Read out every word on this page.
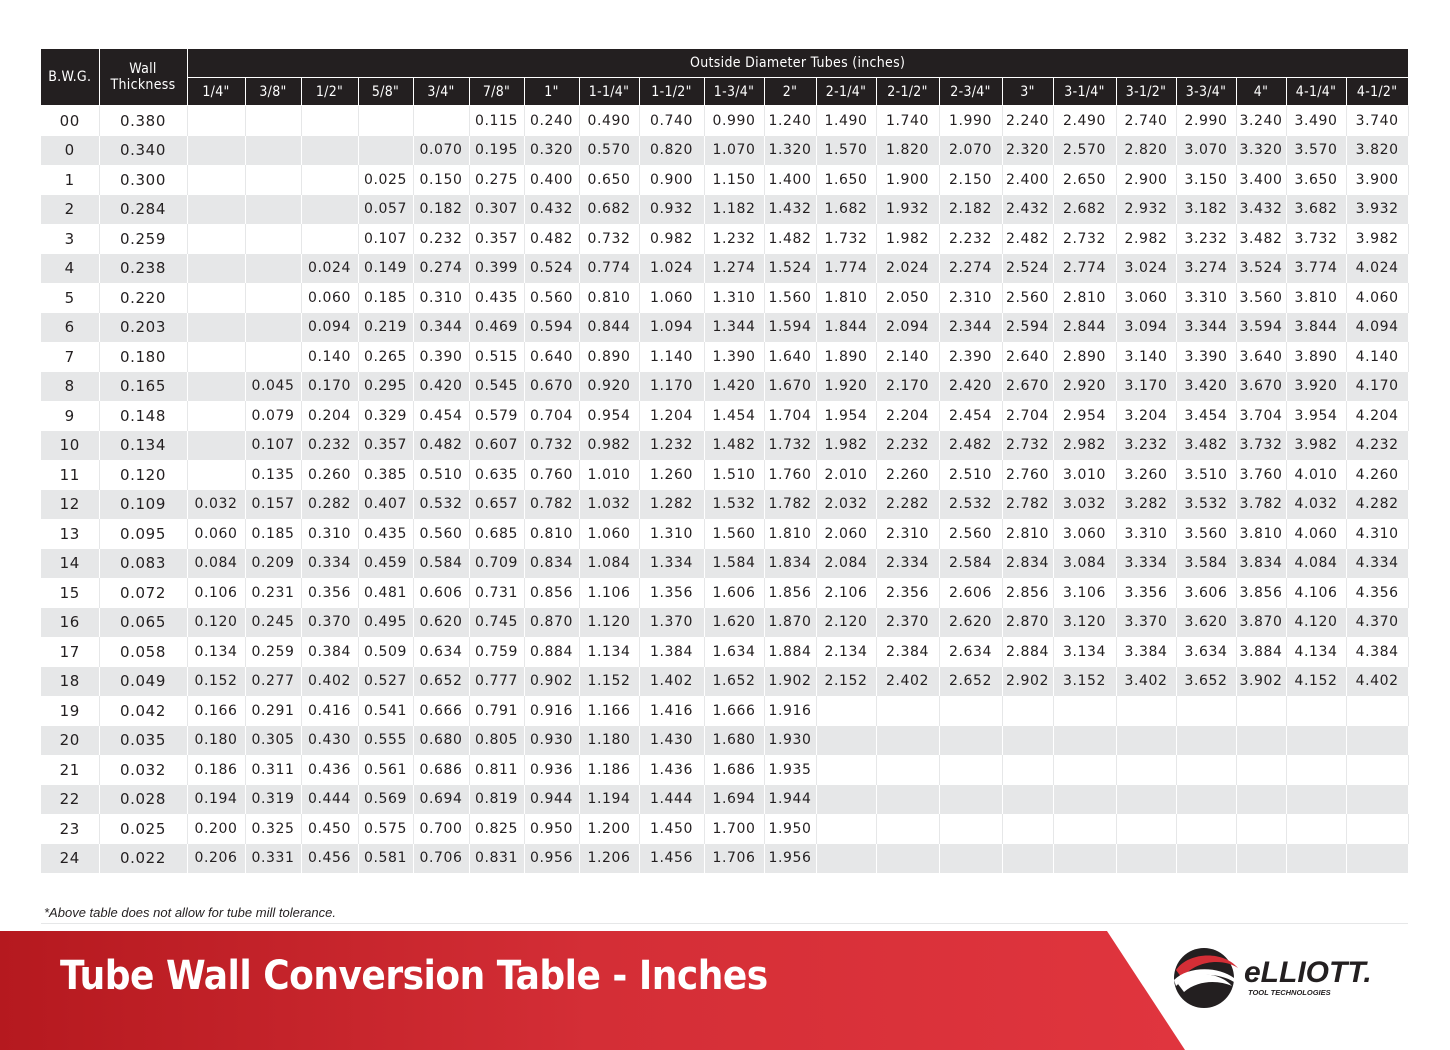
B.W.G.	Wall
Thickness	Outside Diameter Tubes (inches)																				
		1/4"	3/8"	1/2"	5/8"	3/4"	7/8"	1"	1-1/4"	1-1/2"	1-3/4"	2"	2-1/4"	2-1/2"	2-3/4"	3"	3-1/4"	3-1/2"	3-3/4"	4"	4-1/4"	4-1/2"
00	0.380						0.115	0.240	0.490	0.740	0.990	1.240	1.490	1.740	1.990	2.240	2.490	2.740	2.990	3.240	3.490	3.740
0	0.340					0.070	0.195	0.320	0.570	0.820	1.070	1.320	1.570	1.820	2.070	2.320	2.570	2.820	3.070	3.320	3.570	3.820
1	0.300				0.025	0.150	0.275	0.400	0.650	0.900	1.150	1.400	1.650	1.900	2.150	2.400	2.650	2.900	3.150	3.400	3.650	3.900
2	0.284				0.057	0.182	0.307	0.432	0.682	0.932	1.182	1.432	1.682	1.932	2.182	2.432	2.682	2.932	3.182	3.432	3.682	3.932
3	0.259				0.107	0.232	0.357	0.482	0.732	0.982	1.232	1.482	1.732	1.982	2.232	2.482	2.732	2.982	3.232	3.482	3.732	3.982
4	0.238			0.024	0.149	0.274	0.399	0.524	0.774	1.024	1.274	1.524	1.774	2.024	2.274	2.524	2.774	3.024	3.274	3.524	3.774	4.024
5	0.220			0.060	0.185	0.310	0.435	0.560	0.810	1.060	1.310	1.560	1.810	2.050	2.310	2.560	2.810	3.060	3.310	3.560	3.810	4.060
6	0.203			0.094	0.219	0.344	0.469	0.594	0.844	1.094	1.344	1.594	1.844	2.094	2.344	2.594	2.844	3.094	3.344	3.594	3.844	4.094
7	0.180			0.140	0.265	0.390	0.515	0.640	0.890	1.140	1.390	1.640	1.890	2.140	2.390	2.640	2.890	3.140	3.390	3.640	3.890	4.140
8	0.165		0.045	0.170	0.295	0.420	0.545	0.670	0.920	1.170	1.420	1.670	1.920	2.170	2.420	2.670	2.920	3.170	3.420	3.670	3.920	4.170
9	0.148		0.079	0.204	0.329	0.454	0.579	0.704	0.954	1.204	1.454	1.704	1.954	2.204	2.454	2.704	2.954	3.204	3.454	3.704	3.954	4.204
10	0.134		0.107	0.232	0.357	0.482	0.607	0.732	0.982	1.232	1.482	1.732	1.982	2.232	2.482	2.732	2.982	3.232	3.482	3.732	3.982	4.232
11	0.120		0.135	0.260	0.385	0.510	0.635	0.760	1.010	1.260	1.510	1.760	2.010	2.260	2.510	2.760	3.010	3.260	3.510	3.760	4.010	4.260
12	0.109	0.032	0.157	0.282	0.407	0.532	0.657	0.782	1.032	1.282	1.532	1.782	2.032	2.282	2.532	2.782	3.032	3.282	3.532	3.782	4.032	4.282
13	0.095	0.060	0.185	0.310	0.435	0.560	0.685	0.810	1.060	1.310	1.560	1.810	2.060	2.310	2.560	2.810	3.060	3.310	3.560	3.810	4.060	4.310
14	0.083	0.084	0.209	0.334	0.459	0.584	0.709	0.834	1.084	1.334	1.584	1.834	2.084	2.334	2.584	2.834	3.084	3.334	3.584	3.834	4.084	4.334
15	0.072	0.106	0.231	0.356	0.481	0.606	0.731	0.856	1.106	1.356	1.606	1.856	2.106	2.356	2.606	2.856	3.106	3.356	3.606	3.856	4.106	4.356
16	0.065	0.120	0.245	0.370	0.495	0.620	0.745	0.870	1.120	1.370	1.620	1.870	2.120	2.370	2.620	2.870	3.120	3.370	3.620	3.870	4.120	4.370
17	0.058	0.134	0.259	0.384	0.509	0.634	0.759	0.884	1.134	1.384	1.634	1.884	2.134	2.384	2.634	2.884	3.134	3.384	3.634	3.884	4.134	4.384
18	0.049	0.152	0.277	0.402	0.527	0.652	0.777	0.902	1.152	1.402	1.652	1.902	2.152	2.402	2.652	2.902	3.152	3.402	3.652	3.902	4.152	4.402
19	0.042	0.166	0.291	0.416	0.541	0.666	0.791	0.916	1.166	1.416	1.666	1.916										
20	0.035	0.180	0.305	0.430	0.555	0.680	0.805	0.930	1.180	1.430	1.680	1.930										
21	0.032	0.186	0.311	0.436	0.561	0.686	0.811	0.936	1.186	1.436	1.686	1.935										
22	0.028	0.194	0.319	0.444	0.569	0.694	0.819	0.944	1.194	1.444	1.694	1.944										
23	0.025	0.200	0.325	0.450	0.575	0.700	0.825	0.950	1.200	1.450	1.700	1.950										
24	0.022	0.206	0.331	0.456	0.581	0.706	0.831	0.956	1.206	1.456	1.706	1.956										
*Above table does not allow for tube mill tolerance.
Tube Wall Conversion Table - Inches	eLLIOTT.
TOOL TECHNOLOGIES
